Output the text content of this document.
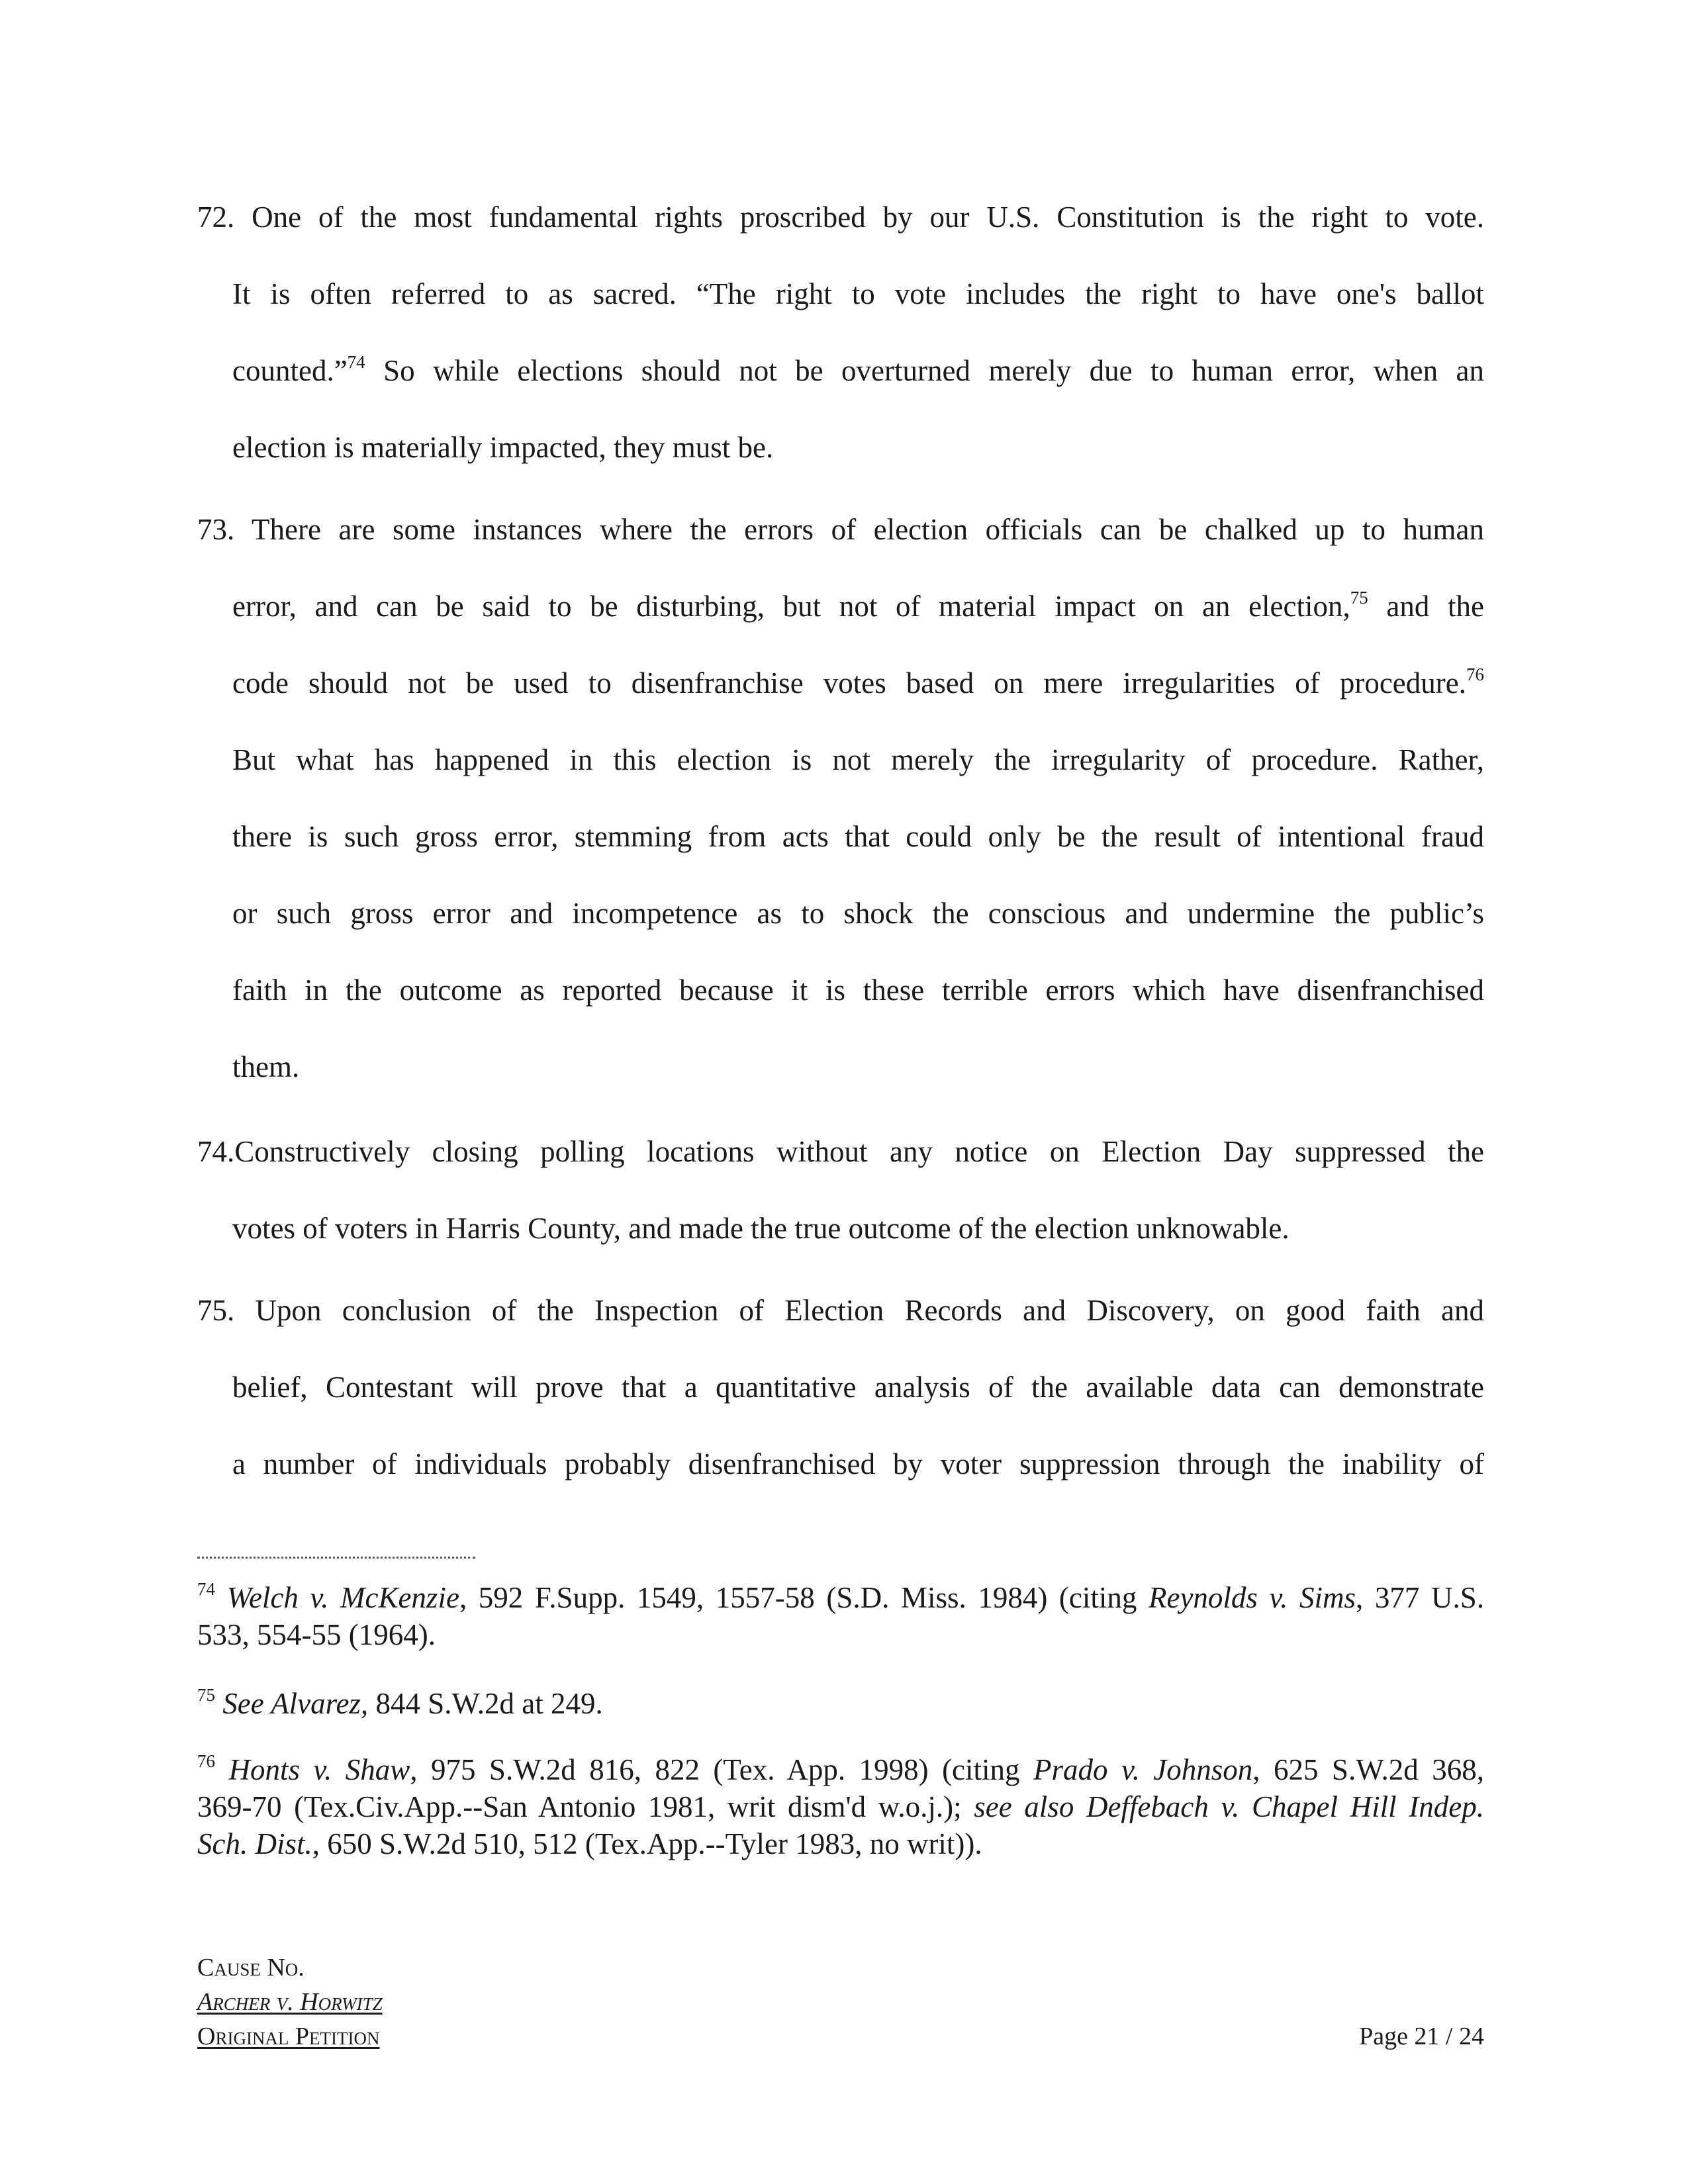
72. One of the most fundamental rights proscribed by our U.S. Constitution is the right to vote.
It is often referred to as sacred. “The right to vote includes the right to have one's ballot
counted.”$^{74}$ So while elections should not be overturned merely due to human error, when an
election is materially impacted, they must be.
73. There are some instances where the errors of election officials can be chalked up to human
error, and can be said to be disturbing, but not of material impact on an election,$^{75}$ and the
code should not be used to disenfranchise votes based on mere irregularities of procedure.$^{76}$
But what has happened in this election is not merely the irregularity of procedure. Rather,
there is such gross error, stemming from acts that could only be the result of intentional fraud
or such gross error and incompetence as to shock the conscious and undermine the public’s
faith in the outcome as reported because it is these terrible errors which have disenfranchised
them.
74.Constructively closing polling locations without any notice on Election Day suppressed the
votes of voters in Harris County, and made the true outcome of the election unknowable.
75. Upon conclusion of the Inspection of Election Records and Discovery, on good faith and
belief, Contestant will prove that a quantitative analysis of the available data can demonstrate
a number of individuals probably disenfranchised by voter suppression through the inability of
$^{74}$ Welch v. McKenzie, 592 F.Supp. 1549, 1557-58 (S.D. Miss. 1984) (citing Reynolds v. Sims, 377 U.S.
533, 554-55 (1964).
$^{75}$ See Alvarez, 844 S.W.2d at 249.
$^{76}$ Honts v. Shaw, 975 S.W.2d 816, 822 (Tex. App. 1998) (citing Prado v. Johnson, 625 S.W.2d 368,
369-70 (Tex.Civ.App.--San Antonio 1981, writ dism'd w.o.j.); see also Deffebach v. Chapel Hill Indep.
Sch. Dist., 650 S.W.2d 510, 512 (Tex.App.--Tyler 1983, no writ)).
Cause No.
Archer v. Horwitz
Original Petition	Page 21 / 24
